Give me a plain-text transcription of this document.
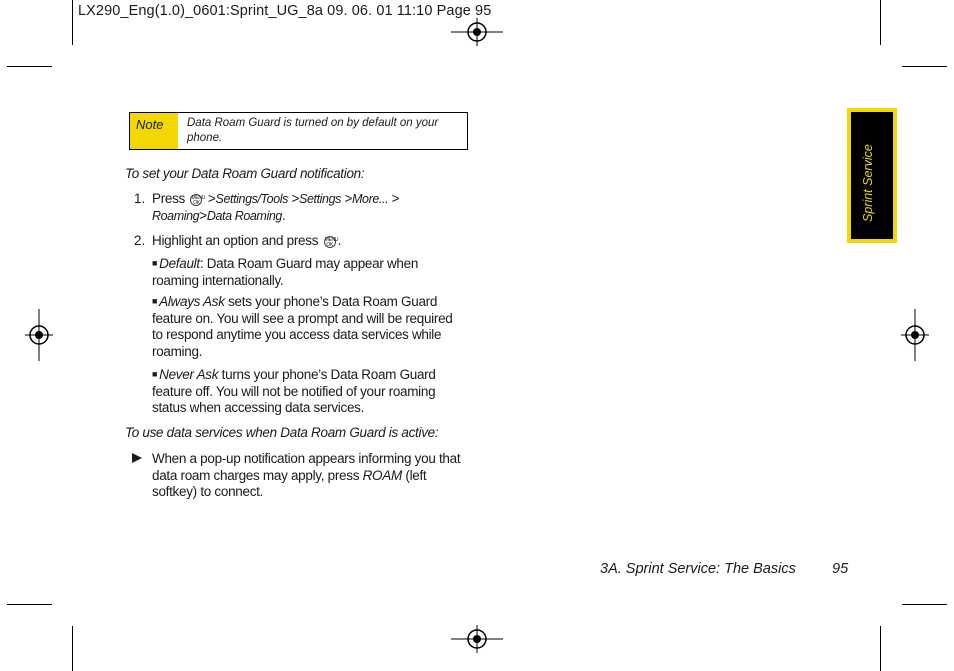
LX290_Eng(1.0)_0601:Sprint_UG_8a 09. 06. 01 11:10 Page 95
Note	Data Roam Guard is turned on by default on your phone.
To set your Data Roam Guard notification:
1. Press MENU
OK >Settings/Tools >Settings >More... >
Roaming>Data Roaming.
2. Highlight an option and press MENU
OK .
■ Default: Data Roam Guard may appear when roaming internationally.
■ Always Ask sets your phone’s Data Roam Guard feature on. You will see a prompt and will be required to respond anytime you access data services while roaming.
■ Never Ask turns your phone’s Data Roam Guard feature off. You will not be notified of your roaming status when accessing data services.
To use data services when Data Roam Guard is active:
When a pop-up notification appears informing you that data roam charges may apply, press ROAM (left softkey) to connect.
Sprint Service
3A. Sprint Service: The Basics 95
